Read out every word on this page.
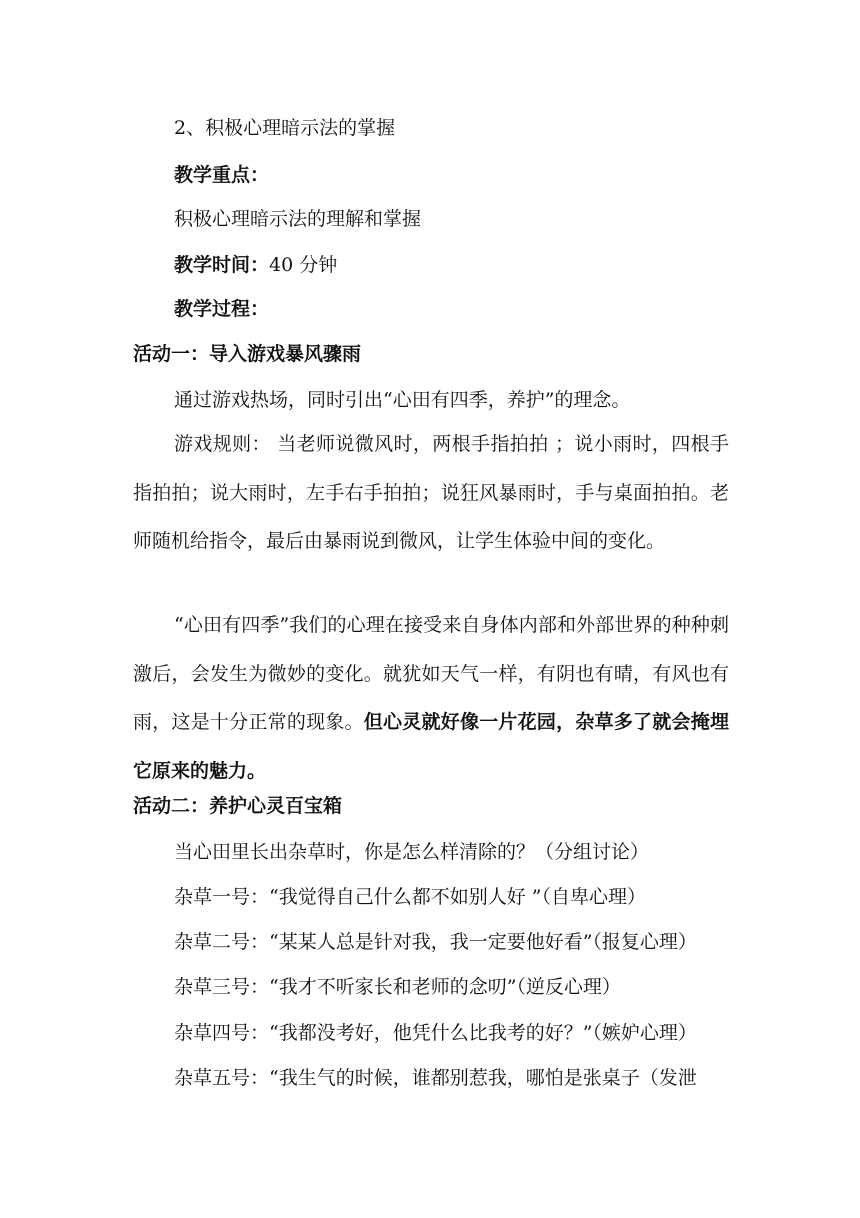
2、积极心理暗示法的掌握

教学重点：

积极心理暗示法的理解和掌握

教学时间：40 分钟

教学过程：

活动一：导入游戏暴风骤雨

通过游戏热场，同时引出“心田有四季，养护”的理念。

游戏规则： 当老师说微风时，两根手指拍拍 ；说小雨时，四根手指拍拍；说大雨时，左手右手拍拍；说狂风暴雨时，手与桌面拍拍。老师随机给指令，最后由暴雨说到微风，让学生体验中间的变化。

“心田有四季”我们的心理在接受来自身体内部和外部世界的种种刺激后，会发生为微妙的变化。就犹如天气一样，有阴也有晴，有风也有雨，这是十分正常的现象。但心灵就好像一片花园，杂草多了就会掩埋它原来的魅力。

活动二：养护心灵百宝箱

当心田里长出杂草时，你是怎么样清除的？（分组讨论）

杂草一号：“我觉得自己什么都不如别人好 ”（自卑心理）

杂草二号：“某某人总是针对我，我一定要他好看”（报复心理）

杂草三号：“我才不听家长和老师的念叨”（逆反心理）

杂草四号：“我都没考好，他凭什么比我考的好？”（嫉妒心理）

杂草五号：“我生气的时候，谁都别惹我，哪怕是张桌子（发泄
